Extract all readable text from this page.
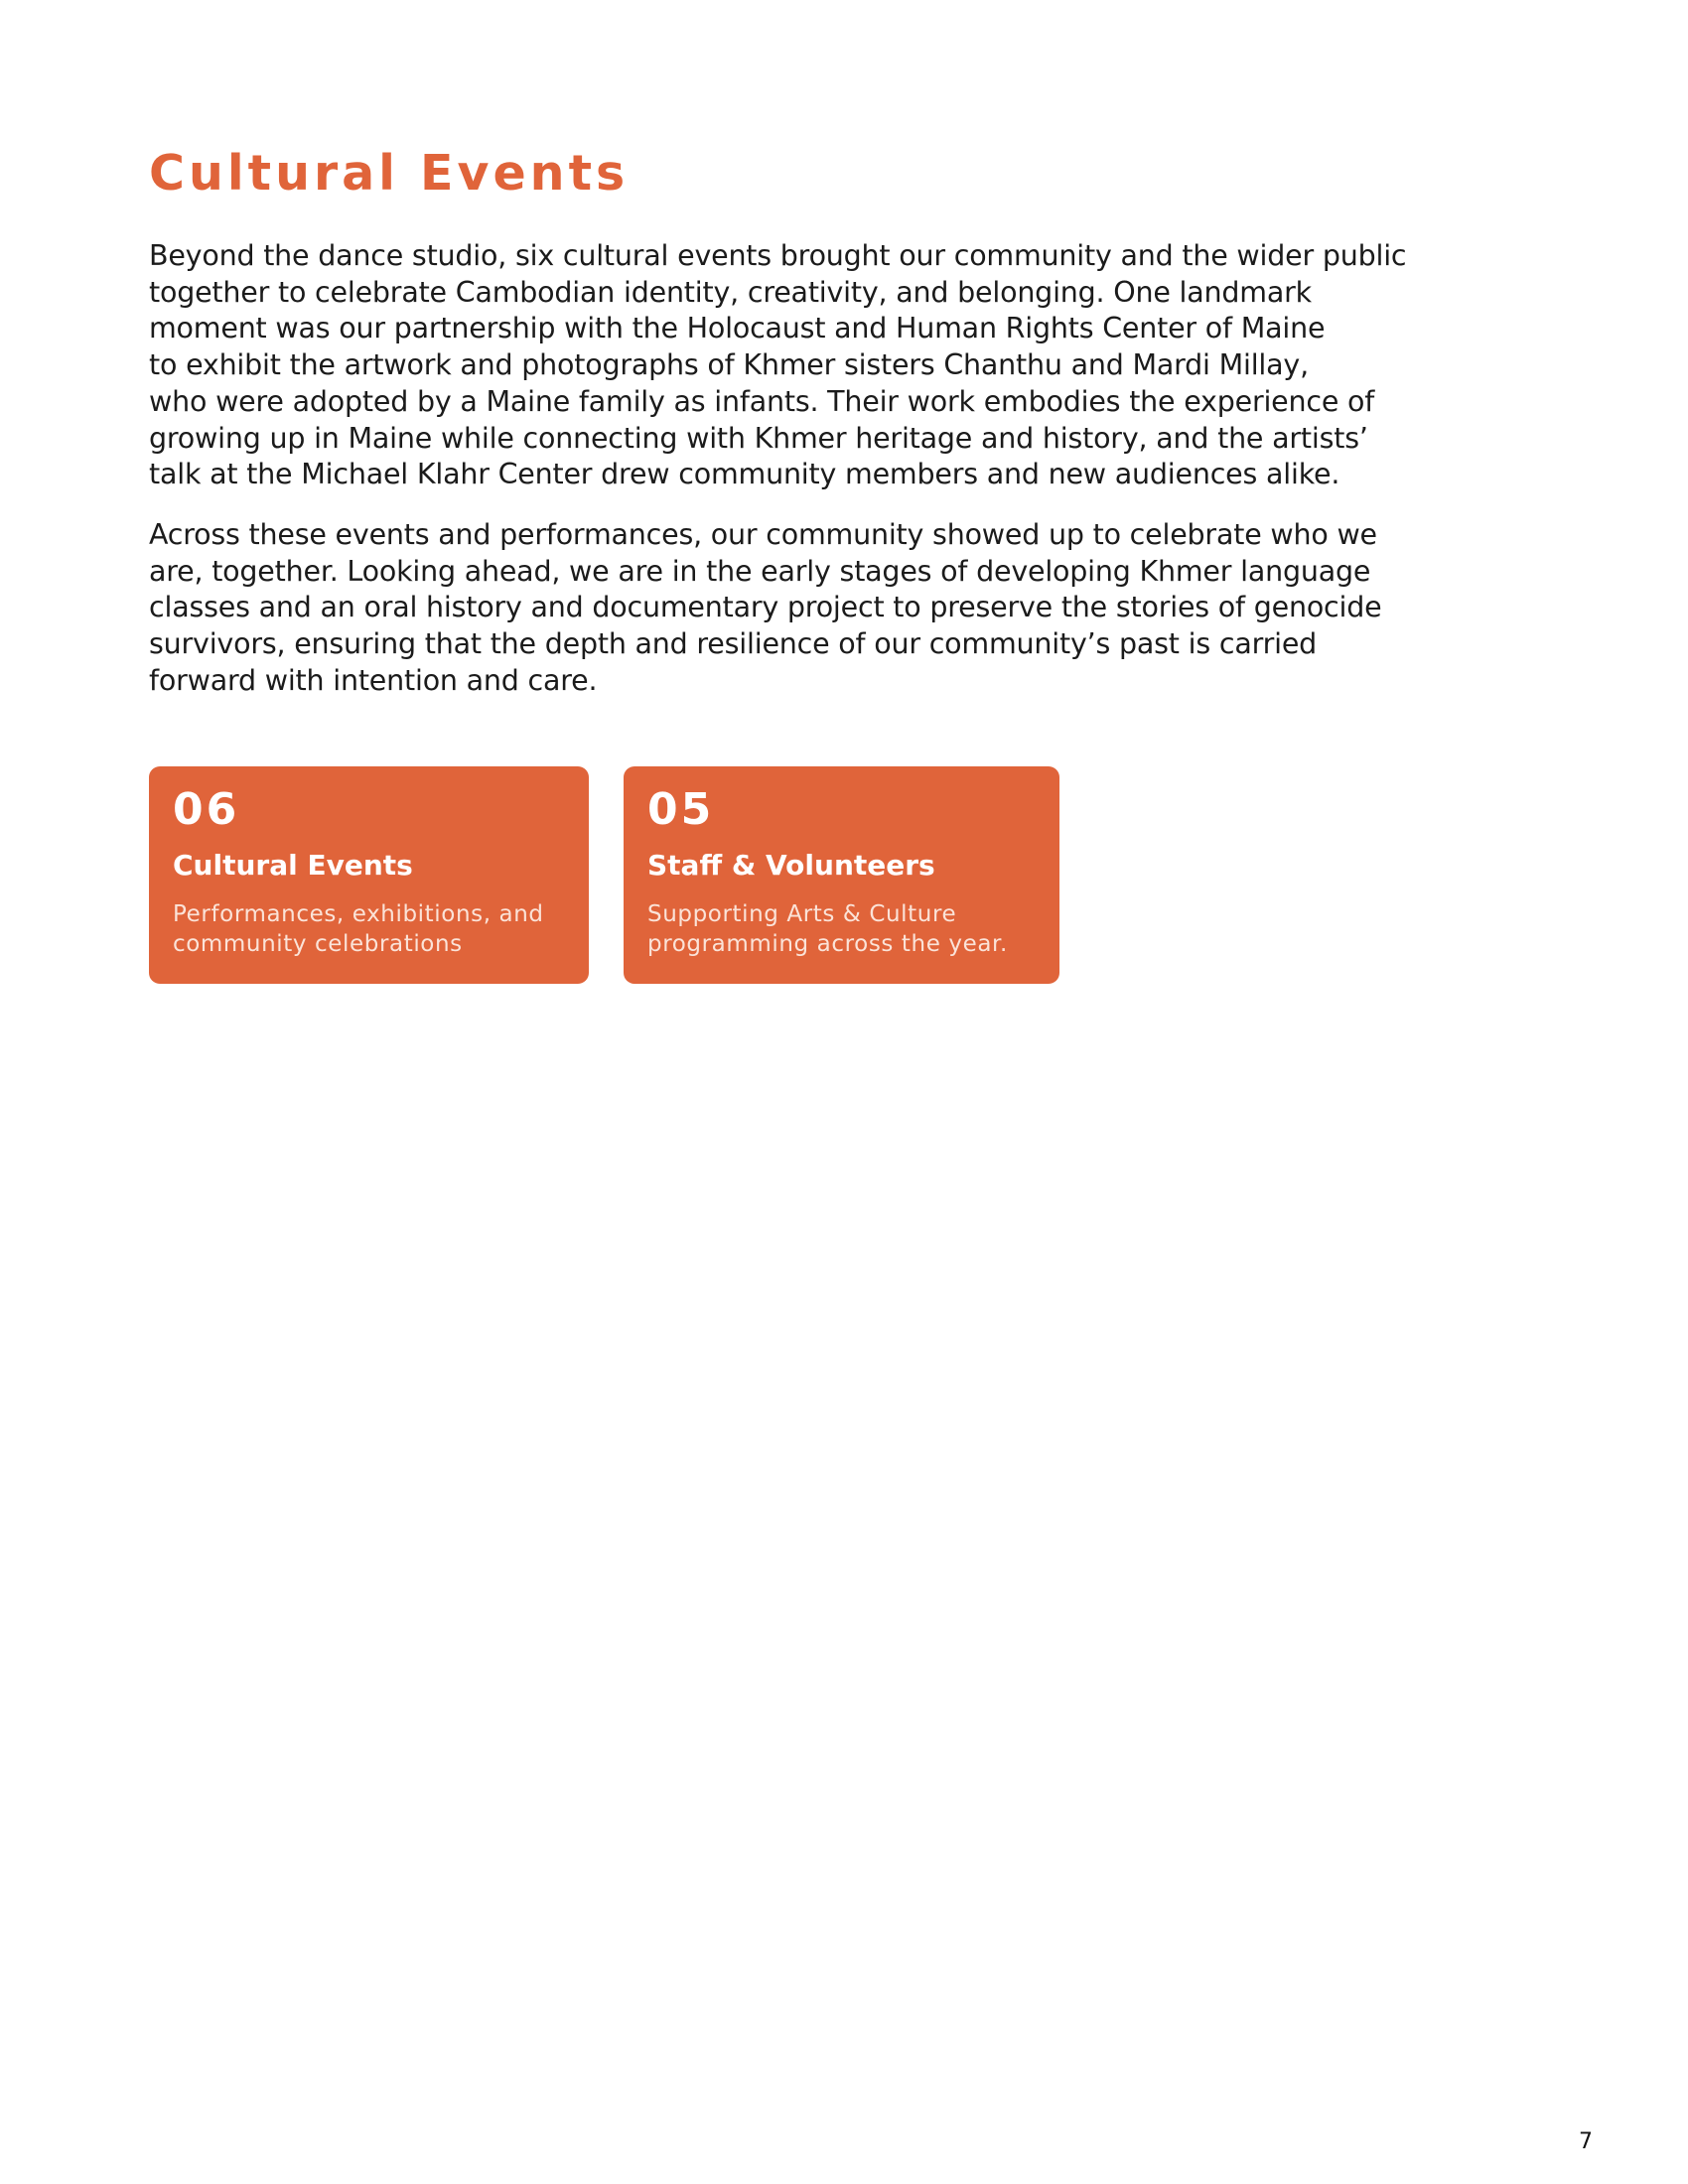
Cultural Events

Beyond the dance studio, six cultural events brought our community and the wider public
together to celebrate Cambodian identity, creativity, and belonging. One landmark
moment was our partnership with the Holocaust and Human Rights Center of Maine
to exhibit the artwork and photographs of Khmer sisters Chanthu and Mardi Millay,
who were adopted by a Maine family as infants. Their work embodies the experience of
growing up in Maine while connecting with Khmer heritage and history, and the artists’
talk at the Michael Klahr Center drew community members and new audiences alike.

Across these events and performances, our community showed up to celebrate who we
are, together. Looking ahead, we are in the early stages of developing Khmer language
classes and an oral history and documentary project to preserve the stories of genocide
survivors, ensuring that the depth and resilience of our community’s past is carried
forward with intention and care.

06
Cultural Events
Performances, exhibitions, and
community celebrations
05
Staff & Volunteers
Supporting Arts & Culture
programming across the year.
7
